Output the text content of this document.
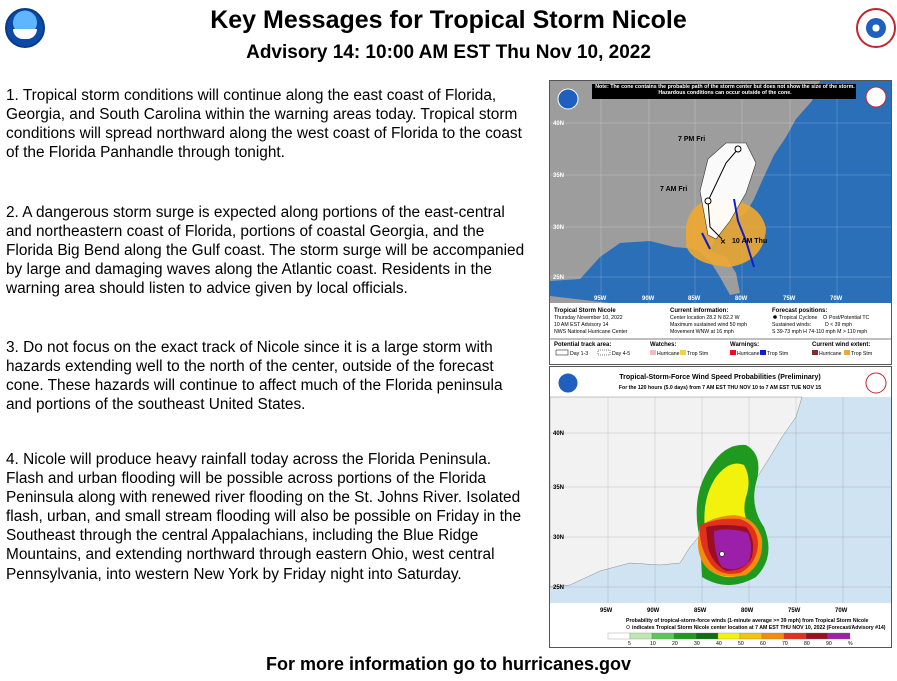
Key Messages for Tropical Storm Nicole
Advisory 14: 10:00 AM EST Thu Nov 10, 2022

1. Tropical storm conditions will continue along the east coast of Florida, Georgia, and South Carolina within the warning areas today. Tropical storm conditions will spread northward along the west coast of Florida to the coast of the Florida Panhandle through tonight.

2. A dangerous storm surge is expected along portions of the east-central and northeastern coast of Florida, portions of coastal Georgia, and the Florida Big Bend along the Gulf coast. The storm surge will be accompanied by large and damaging waves along the Atlantic coast. Residents in the warning area should listen to advice given by local officials.

3. Do not focus on the exact track of Nicole since it is a large storm with hazards extending well to the north of the center, outside of the forecast cone. These hazards will continue to affect much of the Florida peninsula and portions of the southeast United States.

4. Nicole will produce heavy rainfall today across the Florida Peninsula. Flash and urban flooding will be possible across portions of the Florida Peninsula along with renewed river flooding on the St. Johns River. Isolated flash, urban, and small stream flooding will also be possible on Friday in the Southeast through the central Appalachians, including the Blue Ridge Mountains, and extending northward through eastern Ohio, west central Pennsylvania, into western New York by Friday night into Saturday.

✕
7 PM Fri
7 AM Fri
10 AM Thu
40N
35N
30N
25N
95W	90W	85W	80W	75W	70W
Note: The cone contains the probable path of the storm center but does not show the size of the storm. Hazardous conditions can occur outside of the cone.
Tropical Storm Nicole
Thursday November 10, 2022
10 AM EST Advisory 14
NWS National Hurricane Center
Current information:
Center location 28.2 N 82.2 W
Maximum sustained wind 50 mph
Movement WNW at 16 mph
Forecast positions:
Tropical Cyclone Post/Potential TC
Sustained winds:	D < 39 mph
S 39-73 mph H 74-110 mph M > 110 mph
Potential track area:
Day 1-3	Day 4-5
Watches:
Hurricane Trop Stm
Warnings:
Hurricane Trop Stm
Current wind extent:
Hurricane Trop Stm
40N
35N
30N
25N
95W	90W	85W	80W	75W	70W
Tropical-Storm-Force Wind Speed Probabilities (Preliminary)
For the 120 hours (5.0 days) from 7 AM EST THU NOV 10 to 7 AM EST TUE NOV 15
Probability of tropical-storm-force winds (1-minute average >= 39 mph) from Tropical Storm Nicole
indicates Tropical Storm Nicole center location at 7 AM EST THU NOV 10, 2022 (Forecast/Advisory #14)
5	10	20	30	40	50	60	70	80	90	%
For more information go to hurricanes.gov
